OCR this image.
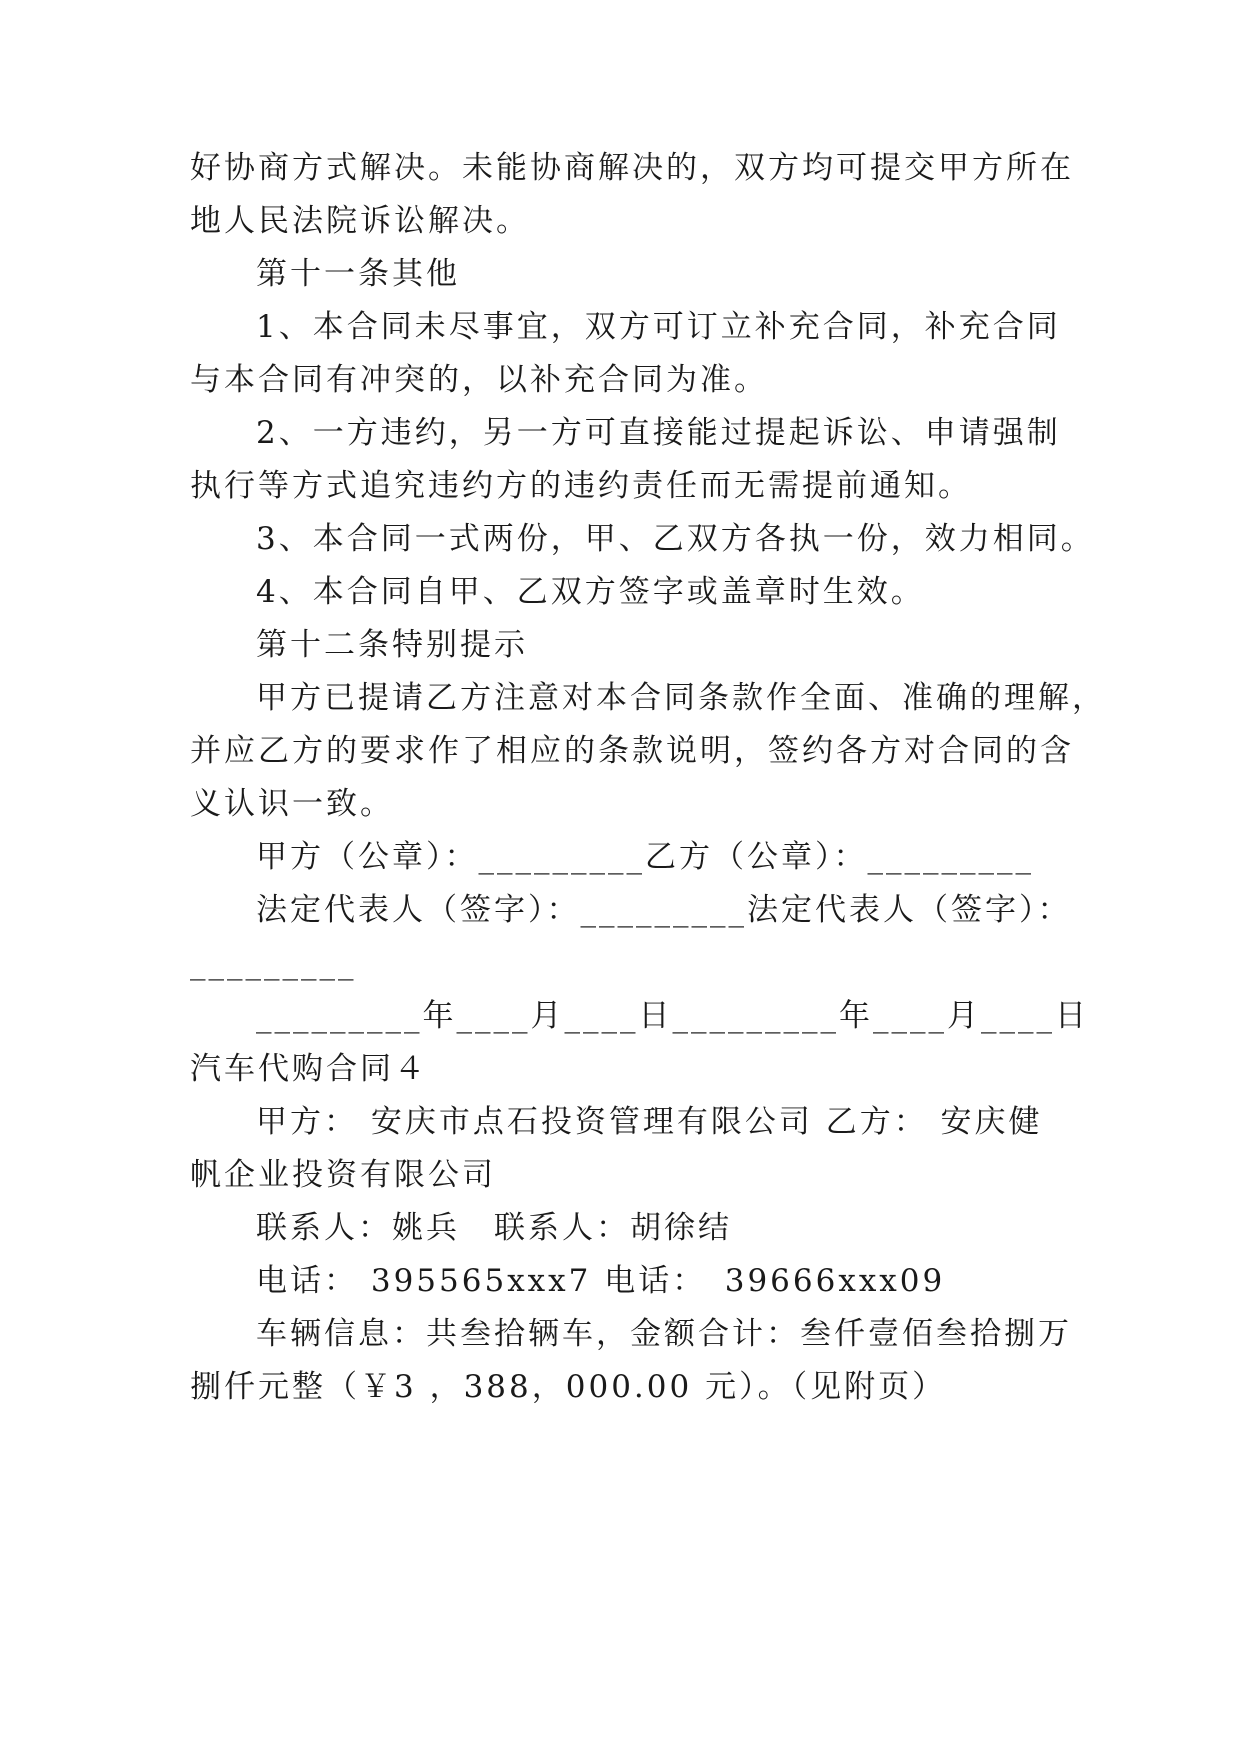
好协商方式解决。未能协商解决的，双方均可提交甲方所在
地人民法院诉讼解决。
第十一条其他
1、本合同未尽事宜，双方可订立补充合同，补充合同
与本合同有冲突的，以补充合同为准。
2、一方违约，另一方可直接能过提起诉讼、申请强制
执行等方式追究违约方的违约责任而无需提前通知。
3、本合同一式两份，甲、乙双方各执一份，效力相同。
4、本合同自甲、乙双方签字或盖章时生效。
第十二条特别提示
甲方已提请乙方注意对本合同条款作全面、准确的理解，
并应乙方的要求作了相应的条款说明，签约各方对合同的含
义认识一致。
甲方（公章）：_________乙方（公章）：_________
法定代表人（签字）：_________法定代表人（签字）：
_________
_________年____月____日_________年____月____日
汽车代购合同４
甲方： 安庆市点石投资管理有限公司 乙方： 安庆健
帆企业投资有限公司
联系人：姚兵　联系人：胡徐结
电话： 395565xxx7 电话：　39666xxx09
车辆信息：共叁拾辆车，金额合计：叁仟壹佰叁拾捌万
捌仟元整（￥3 ，388，000.00 元）。（见附页）
